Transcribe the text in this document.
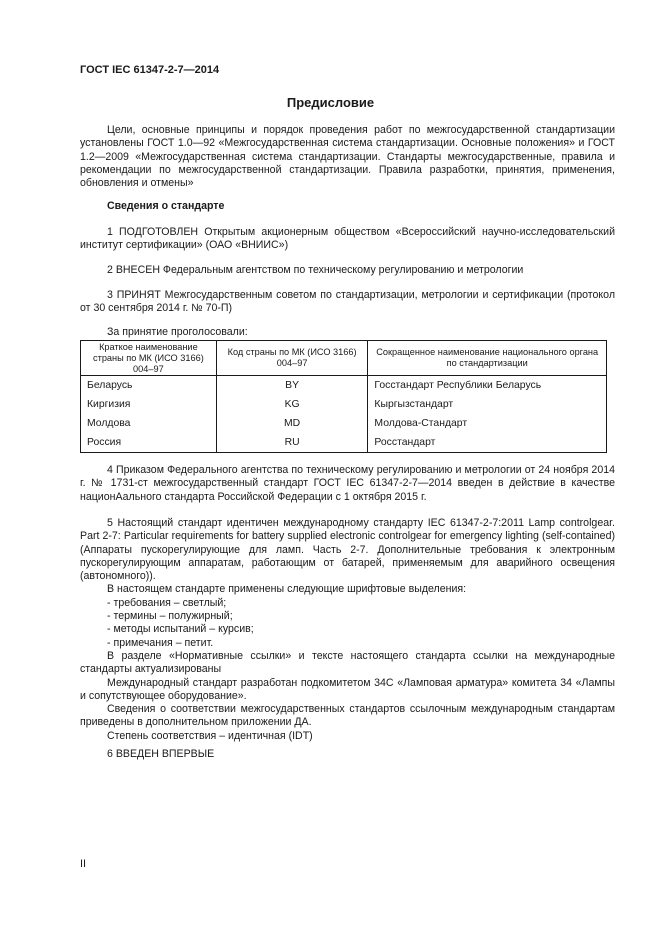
ГОСТ IEC 61347-2-7—2014
Предисловие

Цели, основные принципы и порядок проведения работ по межгосударственной стандартизации установлены ГОСТ 1.0—92 «Межгосударственная система стандартизации. Основные положения» и ГОСТ 1.2—2009 «Межгосударственная система стандартизации. Стандарты межгосударственные, правила и рекомендации по межгосударственной стандартизации. Правила разработки, принятия, применения, обновления и отмены»

Сведения о стандарте

1 ПОДГОТОВЛЕН Открытым акционерным обществом «Всероссийский научно-исследовательский институт сертификации» (ОАО «ВНИИС»)

2 ВНЕСЕН Федеральным агентством по техническому регулированию и метрологии

3 ПРИНЯТ Межгосударственным советом по стандартизации, метрологии и сертификации (протокол от 30 сентября 2014 г. № 70-П)

За принятие проголосовали:

Краткое наименование страны по МК (ИСО 3166) 004–97	Код страны по МК (ИСО 3166) 004–97	Сокращенное наименование национального органа по стандартизации
Беларусь	BY	Госстандарт Республики Беларусь
Киргизия	KG	Кыргызстандарт
Молдова	MD	Молдова-Стандарт
Россия	RU	Росстандарт

4 Приказом Федерального агентства по техническому регулированию и метрологии от 24 ноября 2014 г. № 1731-ст межгосударственный стандарт ГОСТ IEC 61347-2-7—2014 введен в действие в качестве национАального стандарта Российской Федерации с 1 октября 2015 г.

5 Настоящий стандарт идентичен международному стандарту IEC 61347-2-7:2011 Lamp controlgear. Part 2-7: Particular requirements for battery supplied electronic controlgear for emergency lighting (self-contained) (Аппараты пускорегулирующие для ламп. Часть 2-7. Дополнительные требования к электронным пускорегулирующим аппаратам, работающим от батарей, применяемым для аварийного освещения (автономного)).

В настоящем стандарте применены следующие шрифтовые выделения:

- требования – светлый;
- термины – полужирный;
- методы испытаний – курсив;
- примечания – петит.

В разделе «Нормативные ссылки» и тексте настоящего стандарта ссылки на международные стандарты актуализированы

Международный стандарт разработан подкомитетом 34С «Ламповая арматура» комитета 34 «Лампы и сопутствующее оборудование».

Сведения о соответствии межгосударственных стандартов ссылочным международным стандартам приведены в дополнительном приложении ДА.

Степень соответствия – идентичная (IDT)

6 ВВЕДЕН ВПЕРВЫЕ

II
